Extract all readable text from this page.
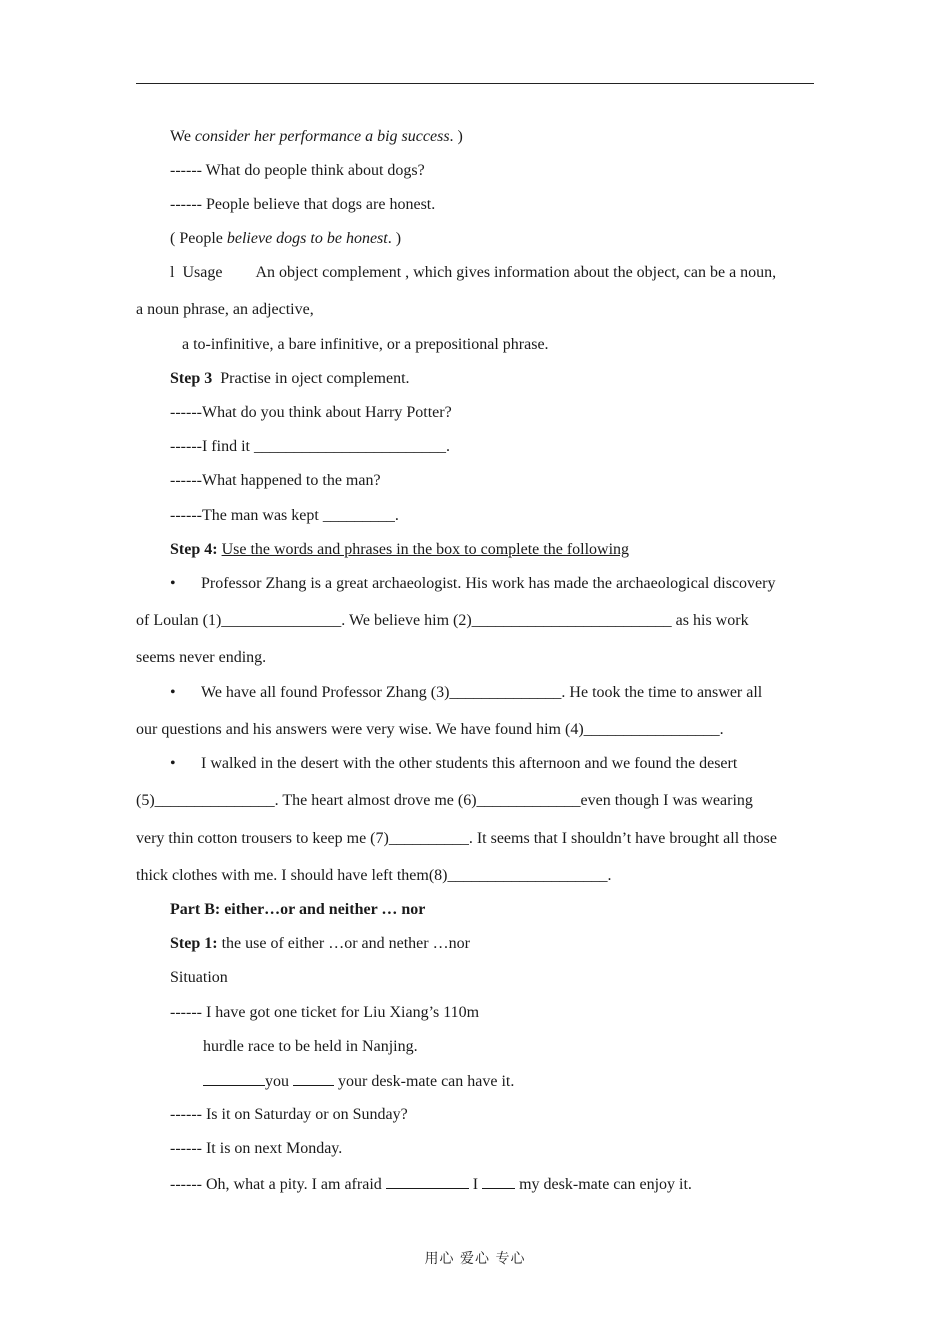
We consider her performance a big success. )
------ What do people think about dogs?
------ People believe that dogs are honest.
( People believe dogs to be honest. )
l Usage An object complement , which gives information about the object, can be a noun,
a noun phrase, an adjective,
a to-infinitive, a bare infinitive, or a prepositional phrase.
Step 3 Practise in oject complement.
------What do you think about Harry Potter?
------I find it ________________________.
------What happened to the man?
------The man was kept _________.
Step 4: Use the words and phrases in the box to complete the following
• Professor Zhang is a great archaeologist. His work has made the archaeological discovery
of Loulan (1)_______________. We believe him (2)_________________________ as his work
seems never ending.
• We have all found Professor Zhang (3)______________. He took the time to answer all
our questions and his answers were very wise. We have found him (4)_________________.
• I walked in the desert with the other students this afternoon and we found the desert
(5)_______________. The heart almost drove me (6)_____________even though I was wearing
very thin cotton trousers to keep me (7)__________. It seems that I shouldn’t have brought all those
thick clothes with me. I should have left them(8)____________________.
Part B: either…or and neither … nor
Step 1: the use of either …or and nether …nor
Situation
------ I have got one ticket for Liu Xiang’s 110m
hurdle race to be held in Nanjing.
you	your desk-mate can have it.
------ Is it on Saturday or on Sunday?
------ It is on next Monday.
------ Oh, what a pity. I am afraid	I  my desk-mate can enjoy it.
用心 爱心 专心
